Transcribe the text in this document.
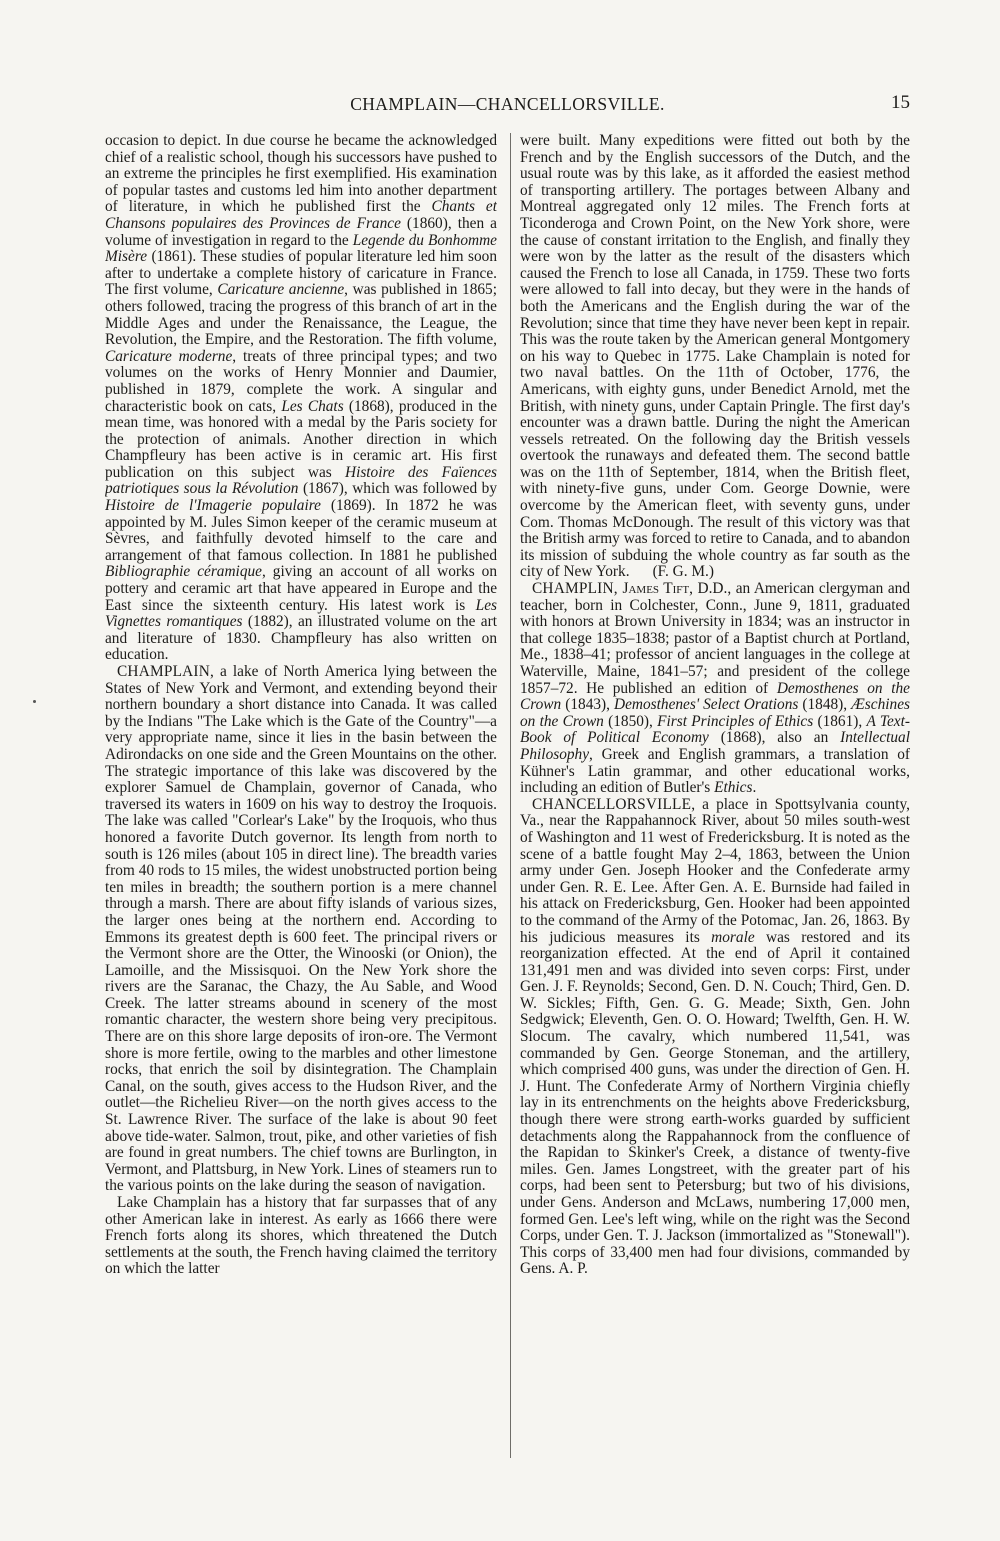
CHAMPLAIN—CHANCELLORSVILLE.	15

occasion to depict. In due course he became the acknowledged chief of a realistic school, though his successors have pushed to an extreme the principles he first exemplified. His examination of popular tastes and customs led him into another department of literature, in which he published first the Chants et Chansons populaires des Provinces de France (1860), then a volume of investigation in regard to the Legende du Bonhomme Misère (1861). These studies of popular literature led him soon after to undertake a complete history of caricature in France. The first volume, Caricature ancienne, was published in 1865; others followed, tracing the progress of this branch of art in the Middle Ages and under the Renaissance, the League, the Revolution, the Empire, and the Restoration. The fifth volume, Caricature moderne, treats of three principal types; and two volumes on the works of Henry Monnier and Daumier, published in 1879, complete the work. A singular and characteristic book on cats, Les Chats (1868), produced in the mean time, was honored with a medal by the Paris society for the protection of animals. Another direction in which Champfleury has been active is in ceramic art. His first publication on this subject was Histoire des Faïences patriotiques sous la Révolution (1867), which was followed by Histoire de l'Imagerie populaire (1869). In 1872 he was appointed by M. Jules Simon keeper of the ceramic museum at Sèvres, and faithfully devoted himself to the care and arrangement of that famous collection. In 1881 he published Bibliographie céramique, giving an account of all works on pottery and ceramic art that have appeared in Europe and the East since the sixteenth century. His latest work is Les Vignettes romantiques (1882), an illustrated volume on the art and literature of 1830. Champfleury has also written on education.

CHAMPLAIN, a lake of North America lying between the States of New York and Vermont, and extending beyond their northern boundary a short distance into Canada. It was called by the Indians "The Lake which is the Gate of the Country"—a very appropriate name, since it lies in the basin between the Adirondacks on one side and the Green Mountains on the other. The strategic importance of this lake was discovered by the explorer Samuel de Champlain, governor of Canada, who traversed its waters in 1609 on his way to destroy the Iroquois. The lake was called "Corlear's Lake" by the Iroquois, who thus honored a favorite Dutch governor. Its length from north to south is 126 miles (about 105 in direct line). The breadth varies from 40 rods to 15 miles, the widest unobstructed portion being ten miles in breadth; the southern portion is a mere channel through a marsh. There are about fifty islands of various sizes, the larger ones being at the northern end. According to Emmons its greatest depth is 600 feet. The principal rivers or the Vermont shore are the Otter, the Winooski (or Onion), the Lamoille, and the Missisquoi. On the New York shore the rivers are the Saranac, the Chazy, the Au Sable, and Wood Creek. The latter streams abound in scenery of the most romantic character, the western shore being very precipitous. There are on this shore large deposits of iron-ore. The Vermont shore is more fertile, owing to the marbles and other limestone rocks, that enrich the soil by disintegration. The Champlain Canal, on the south, gives access to the Hudson River, and the outlet—the Richelieu River—on the north gives access to the St. Lawrence River. The surface of the lake is about 90 feet above tide-water. Salmon, trout, pike, and other varieties of fish are found in great numbers. The chief towns are Burlington, in Vermont, and Plattsburg, in New York. Lines of steamers run to the various points on the lake during the season of navigation.

Lake Champlain has a history that far surpasses that of any other American lake in interest. As early as 1666 there were French forts along its shores, which threatened the Dutch settlements at the south, the French having claimed the territory on which the latter

were built. Many expeditions were fitted out both by the French and by the English successors of the Dutch, and the usual route was by this lake, as it afforded the easiest method of transporting artillery. The portages between Albany and Montreal aggregated only 12 miles. The French forts at Ticonderoga and Crown Point, on the New York shore, were the cause of constant irritation to the English, and finally they were won by the latter as the result of the disasters which caused the French to lose all Canada, in 1759. These two forts were allowed to fall into decay, but they were in the hands of both the Americans and the English during the war of the Revolution; since that time they have never been kept in repair. This was the route taken by the American general Montgomery on his way to Quebec in 1775. Lake Champlain is noted for two naval battles. On the 11th of October, 1776, the Americans, with eighty guns, under Benedict Arnold, met the British, with ninety guns, under Captain Pringle. The first day's encounter was a drawn battle. During the night the American vessels retreated. On the following day the British vessels overtook the runaways and defeated them. The second battle was on the 11th of September, 1814, when the British fleet, with ninety-five guns, under Com. George Downie, were overcome by the American fleet, with seventy guns, under Com. Thomas McDonough. The result of this victory was that the British army was forced to retire to Canada, and to abandon its mission of subduing the whole country as far south as the city of New York. (F. G. M.)

CHAMPLIN, James Tift, D.D., an American clergyman and teacher, born in Colchester, Conn., June 9, 1811, graduated with honors at Brown University in 1834; was an instructor in that college 1835–1838; pastor of a Baptist church at Portland, Me., 1838–41; professor of ancient languages in the college at Waterville, Maine, 1841–57; and president of the college 1857–72. He published an edition of Demosthenes on the Crown (1843), Demosthenes' Select Orations (1848), Æschines on the Crown (1850), First Principles of Ethics (1861), A Text-Book of Political Economy (1868), also an Intellectual Philosophy, Greek and English grammars, a translation of Kühner's Latin grammar, and other educational works, including an edition of Butler's Ethics.

CHANCELLORSVILLE, a place in Spottsylvania county, Va., near the Rappahannock River, about 50 miles south-west of Washington and 11 west of Fredericksburg. It is noted as the scene of a battle fought May 2–4, 1863, between the Union army under Gen. Joseph Hooker and the Confederate army under Gen. R. E. Lee. After Gen. A. E. Burnside had failed in his attack on Fredericksburg, Gen. Hooker had been appointed to the command of the Army of the Potomac, Jan. 26, 1863. By his judicious measures its morale was restored and its reorganization effected. At the end of April it contained 131,491 men and was divided into seven corps: First, under Gen. J. F. Reynolds; Second, Gen. D. N. Couch; Third, Gen. D. W. Sickles; Fifth, Gen. G. G. Meade; Sixth, Gen. John Sedgwick; Eleventh, Gen. O. O. Howard; Twelfth, Gen. H. W. Slocum. The cavalry, which numbered 11,541, was commanded by Gen. George Stoneman, and the artillery, which comprised 400 guns, was under the direction of Gen. H. J. Hunt. The Confederate Army of Northern Virginia chiefly lay in its entrenchments on the heights above Fredericksburg, though there were strong earth-works guarded by sufficient detachments along the Rappahannock from the confluence of the Rapidan to Skinker's Creek, a distance of twenty-five miles. Gen. James Longstreet, with the greater part of his corps, had been sent to Petersburg; but two of his divisions, under Gens. Anderson and McLaws, numbering 17,000 men, formed Gen. Lee's left wing, while on the right was the Second Corps, under Gen. T. J. Jackson (immortalized as "Stonewall"). This corps of 33,400 men had four divisions, commanded by Gens. A. P.
